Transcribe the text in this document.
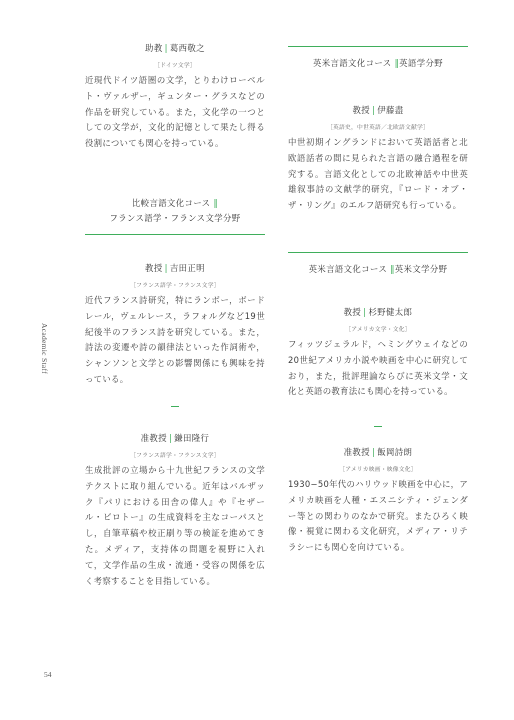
Academic Staff
54
助教 | 葛西敬之
［ドイツ文学］
近現代ドイツ語圏の文学，とりわけローベルト・ヴァルザー，ギュンター・グラスなどの作品を研究している。また，文化学の一つとしての文学が，文化的記憶として果たし得る役割についても関心を持っている。
比較言語文化コース ‖
フランス語学・フランス文学分野
教授 | 吉田正明
［フランス語学・フランス文学］
近代フランス詩研究，特にランボー，ボードレール，ヴェルレース，ラフォルグなど19世紀後半のフランス詩を研究している。また，詩法の変遷や詩の韻律法といった作詞術や，シャンソンと文学との影響関係にも興味を持っている。
准教授 | 鎌田隆行
［フランス語学・フランス文学］
生成批評の立場から十九世紀フランスの文学テクストに取り組んでいる。近年はバルザック『パリにおける田舎の偉人』や『セザール・ビロトー』の生成資料を主なコーパスとし，自筆草稿や校正刷り等の検証を進めてきた。メディア，支持体の問題を視野に入れて，文学作品の生成・流通・受容の関係を広く考察することを目指している。
英米言語文化コース ‖英語学分野
教授 | 伊藤盡
［英語史，中世英語／北欧語文献学］
中世初期イングランドにおいて英語話者と北欧語話者の間に見られた言語の融合過程を研究する。言語文化としての北欧神話や中世英雄叙事詩の文献学的研究，『ロード・オブ・ザ・リング』のエルフ語研究も行っている。
英米言語文化コース ‖英米文学分野
教授 | 杉野健太郎
［アメリカ文学・文化］
フィッツジェラルド，ヘミングウェイなどの20世紀アメリカ小説や映画を中心に研究しており，また，批評理論ならびに英米文学・文化と英語の教育法にも関心を持っている。
准教授 | 飯岡詩朗
［アメリカ映画・映像文化］
1930−50年代のハリウッド映画を中心に，アメリカ映画を人種・エスニシティ・ジェンダー等との関わりのなかで研究。またひろく映像・視覚に関わる文化研究，メディア・リテラシーにも関心を向けている。
